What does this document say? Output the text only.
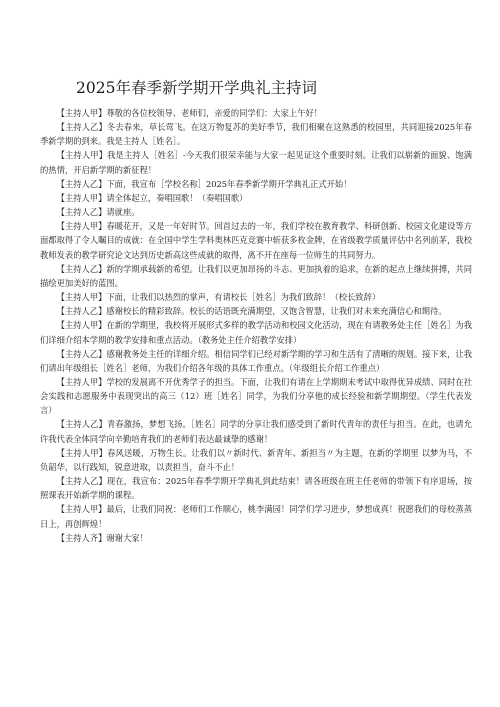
2025年春季新学期开学典礼主持词

【主持人甲】尊敬的各位校领导、老师们，亲爱的同学们：大家上午好！

【主持人乙】冬去春来，草长莺飞。在这万物复苏的美好季节，我们相聚在这熟悉的校园里，共同迎接2025年春季新学期的到来。我是主持人［姓名］。

【主持人甲】我是主持人［姓名］-今天我们很荣幸能与大家一起见证这个重要时刻。让我们以崭新的面貌、饱满的热情，开启新学期的新征程！

【主持人乙】下面，我宣布［学校名称］2025年春季新学期开学典礼正式开始！

【主持人甲】请全体起立，奏唱国歌！（奏唱国歌）

【主持人乙】请就座。

【主持人甲】春暖花开，又是一年好时节。回首过去的一年，我们学校在教育教学、科研创新、校园文化建设等方面都取得了令人瞩目的成就：在全国中学生学科奥林匹克竞赛中斩获多枚金牌，在省级教学质量评估中名列前茅，我校教师发表的教学研究论文达到历史新高这些成就的取得，离不开在座每一位师生的共同努力。

【主持人乙】新的学期承载新的希望。让我们以更加昂扬的斗志、更加执着的追求，在新的起点上继续拼搏，共同描绘更加美好的蓝图。

【主持人甲】下面，让我们以热烈的掌声，有请校长［姓名］为我们致辞！（校长致辞）

【主持人乙】感谢校长的精彩致辞。校长的话语既充满期望，又饱含智慧，让我们对未来充满信心和期待。

【主持人甲】在新的学期里，我校将开展形式多样的教学活动和校园文化活动，现在有请教务处主任［姓名］为我们详细介绍本学期的教学安排和重点活动。（教务处主任介绍教学安排）

【主持人乙】感谢教务处主任的详细介绍。相信同学们已经对新学期的学习和生活有了清晰的规划。接下来，让我们请出年级组长［姓名］老师，为我们介绍各年级的具体工作重点。（年级组长介绍工作重点）

【主持人甲】学校的发展离不开优秀学子的担当。下面，让我们有请在上学期期末考试中取得优异成绩、同时在社会实践和志愿服务中表现突出的高三（12）班［姓名］同学，为我们分享他的成长经验和新学期期望。（学生代表发言）

【主持人乙】青春激扬，梦想飞扬。［姓名］同学的分享让我们感受到了新时代青年的责任与担当。在此，也请允许我代表全体同学向辛勤培育我们的老师们表达最诚挚的感谢！

【主持人甲】春风送暖，万物生长。让我们以〃新时代、新青年、新担当〃为主题，在新的学期里 以梦为马，不负韶华，以行践知，锐意进取，以责担当，奋斗不止！

【主持人乙】现在，我宣布：2025年春季学期开学典礼到此结束！请各班级在班主任老师的带领下有序退场，按照课表开始新学期的课程。

【主持人甲】最后，让我们同祝：老师们工作顺心，桃李满园！同学们学习进步，梦想成真！祝愿我们的母校蒸蒸日上，再创辉煌！

【主持人齐】谢谢大家！
